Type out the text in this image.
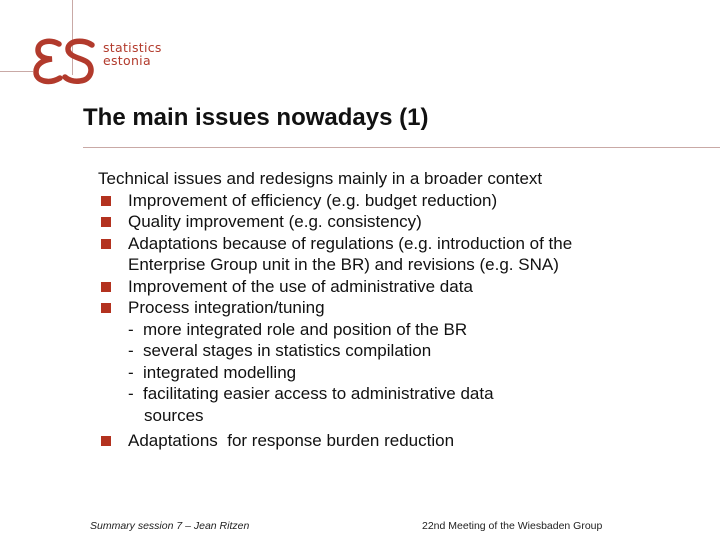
statistics
estonia
The main issues nowadays (1)

Technical issues and redesigns mainly in a broader context

Improvement of efficiency (e.g. budget reduction)
Quality improvement (e.g. consistency)
Adaptations because of regulations (e.g. introduction of the
Enterprise Group unit in the BR) and revisions (e.g. SNA)
Improvement of the use of administrative data
Process integration/tuning
- more integrated role and position of the BR
- several stages in statistics compilation
- integrated modelling
- facilitating easier access to administrative data
sources
Adaptations  for response burden reduction
Summary session 7 – Jean Ritzen	22nd Meeting of the Wiesbaden Group
